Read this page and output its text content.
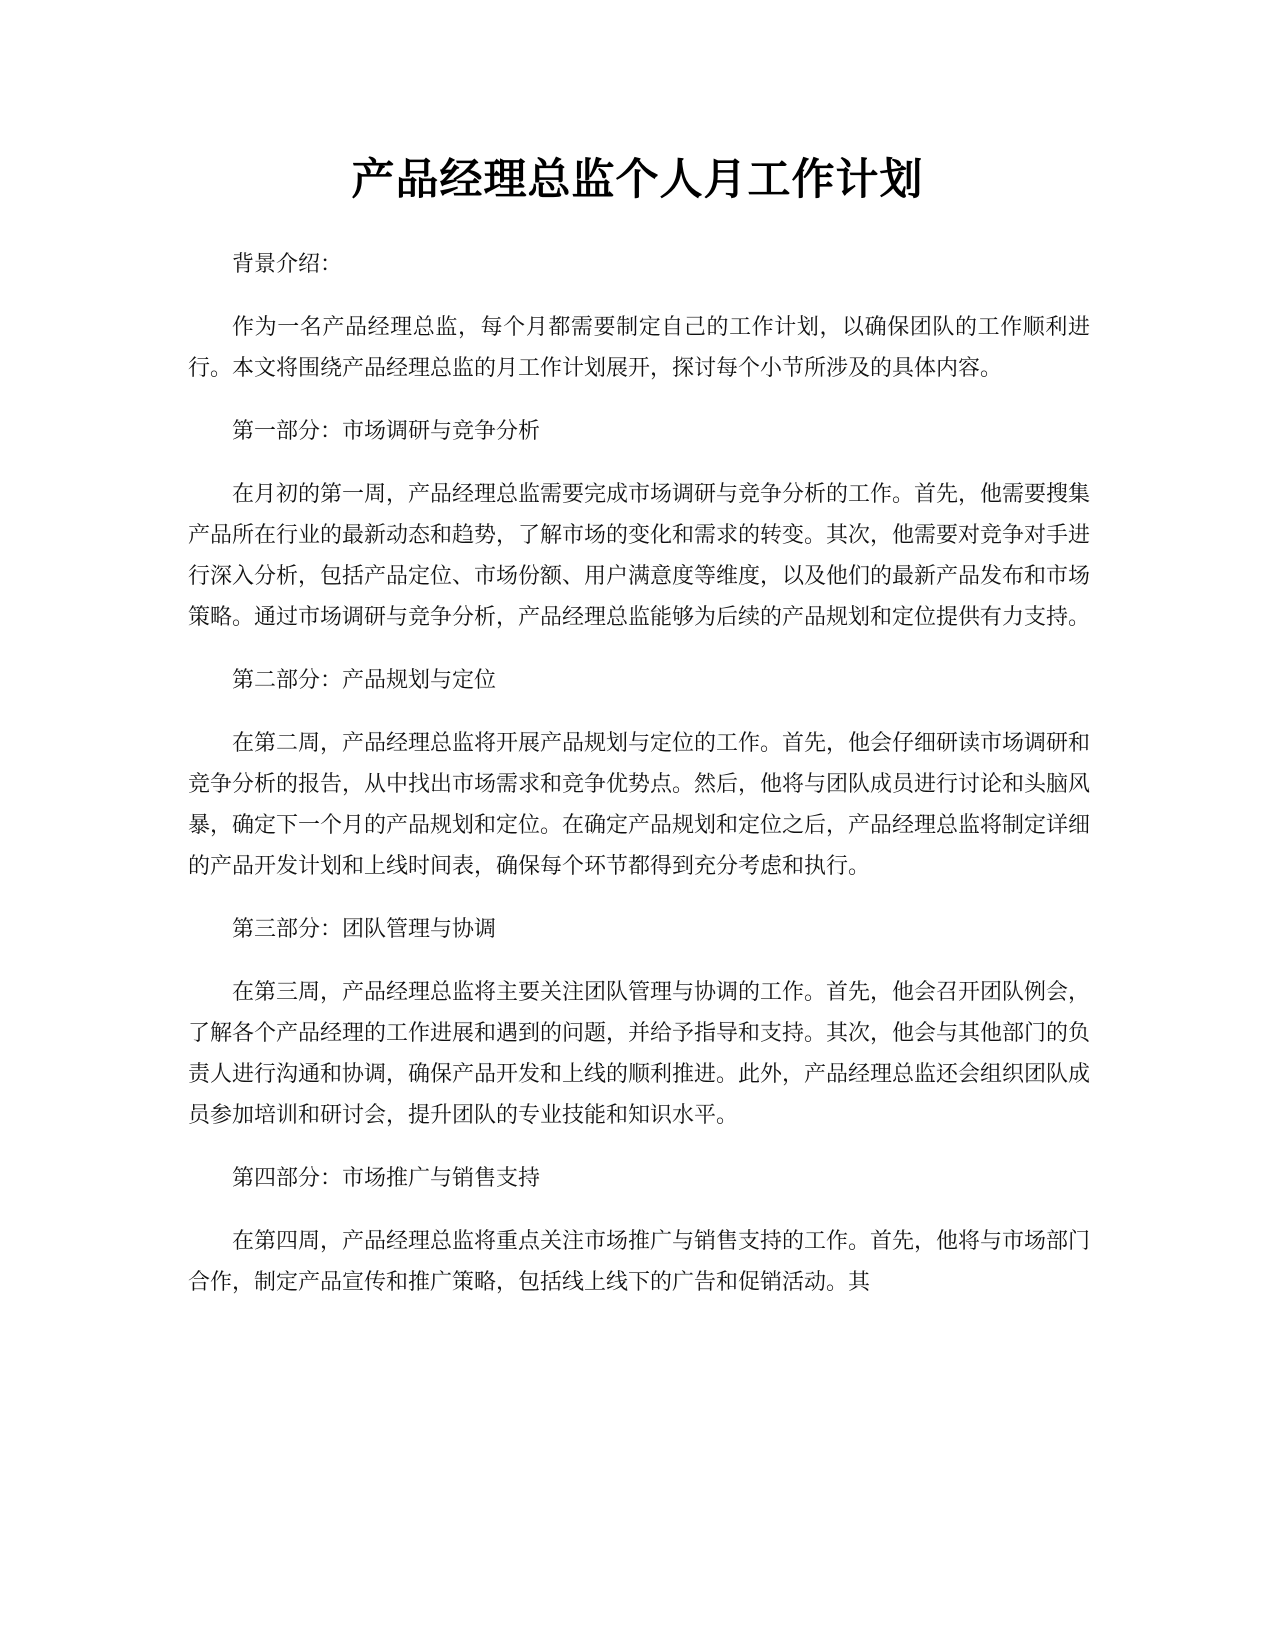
产品经理总监个人月工作计划

背景介绍：

作为一名产品经理总监，每个月都需要制定自己的工作计划，以确保团队的工作顺利进行。本文将围绕产品经理总监的月工作计划展开，探讨每个小节所涉及的具体内容。

第一部分：市场调研与竞争分析

在月初的第一周，产品经理总监需要完成市场调研与竞争分析的工作。首先，他需要搜集产品所在行业的最新动态和趋势，了解市场的变化和需求的转变。其次，他需要对竞争对手进行深入分析，包括产品定位、市场份额、用户满意度等维度，以及他们的最新产品发布和市场策略。通过市场调研与竞争分析，产品经理总监能够为后续的产品规划和定位提供有力支持。

第二部分：产品规划与定位

在第二周，产品经理总监将开展产品规划与定位的工作。首先，他会仔细研读市场调研和竞争分析的报告，从中找出市场需求和竞争优势点。然后，他将与团队成员进行讨论和头脑风暴，确定下一个月的产品规划和定位。在确定产品规划和定位之后，产品经理总监将制定详细的产品开发计划和上线时间表，确保每个环节都得到充分考虑和执行。

第三部分：团队管理与协调

在第三周，产品经理总监将主要关注团队管理与协调的工作。首先，他会召开团队例会，了解各个产品经理的工作进展和遇到的问题，并给予指导和支持。其次，他会与其他部门的负责人进行沟通和协调，确保产品开发和上线的顺利推进。此外，产品经理总监还会组织团队成员参加培训和研讨会，提升团队的专业技能和知识水平。

第四部分：市场推广与销售支持

在第四周，产品经理总监将重点关注市场推广与销售支持的工作。首先，他将与市场部门合作，制定产品宣传和推广策略，包括线上线下的广告和促销活动。其
